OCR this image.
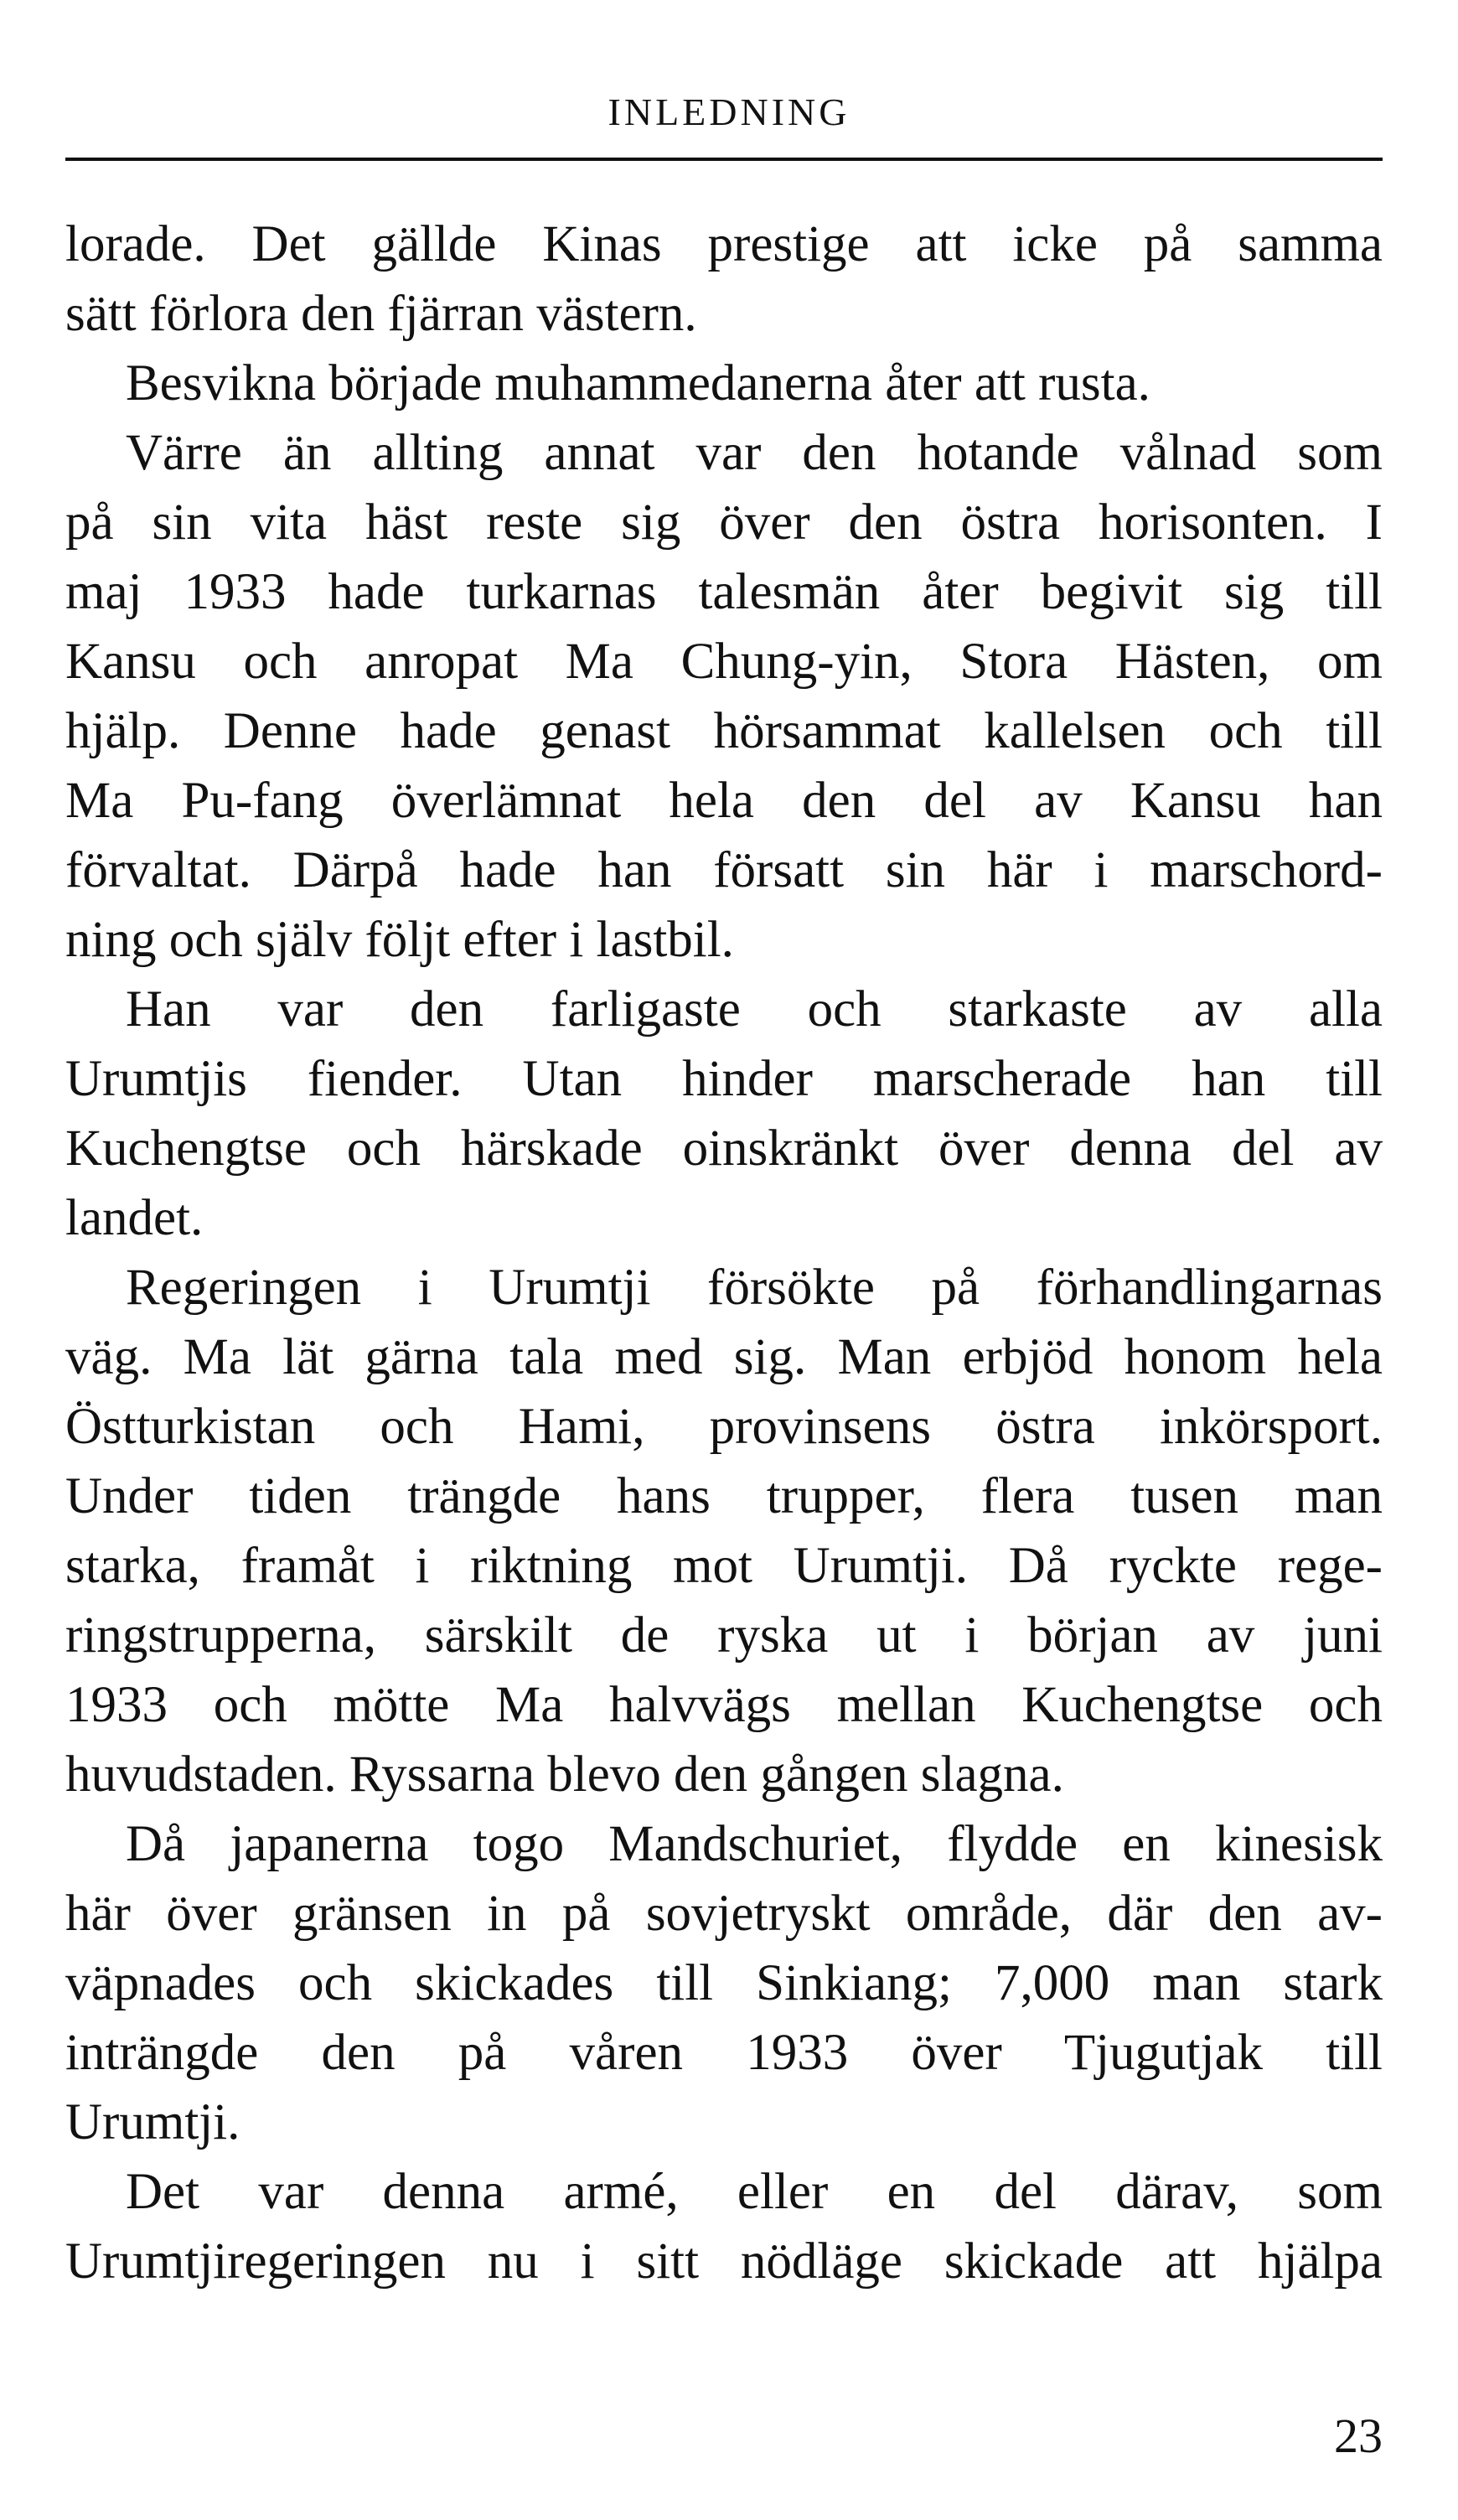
INLEDNING
lorade. Det gällde Kinas prestige att icke på samma
sätt förlora den fjärran västern.
Besvikna började muhammedanerna åter att rusta.
Värre än allting annat var den hotande vålnad som
på sin vita häst reste sig över den östra horisonten. I
maj 1933 hade turkarnas talesmän åter begivit sig till
Kansu och anropat Ma Chung-yin, Stora Hästen, om
hjälp. Denne hade genast hörsammat kallelsen och till
Ma Pu-fang överlämnat hela den del av Kansu han
förvaltat. Därpå hade han försatt sin här i marschord-
ning och själv följt efter i lastbil.
Han var den farligaste och starkaste av alla
Urumtjis fiender. Utan hinder marscherade han till
Kuchengtse och härskade oinskränkt över denna del av
landet.
Regeringen i Urumtji försökte på förhandlingarnas
väg. Ma lät gärna tala med sig. Man erbjöd honom hela
Östturkistan och Hami, provinsens östra inkörsport.
Under tiden trängde hans trupper, flera tusen man
starka, framåt i riktning mot Urumtji. Då ryckte rege-
ringstrupperna, särskilt de ryska ut i början av juni
1933 och mötte Ma halvvägs mellan Kuchengtse och
huvudstaden. Ryssarna blevo den gången slagna.
Då japanerna togo Mandschuriet, flydde en kinesisk
här över gränsen in på sovjetryskt område, där den av-
väpnades och skickades till Sinkiang; 7,000 man stark
inträngde den på våren 1933 över Tjugutjak till
Urumtji.
Det var denna armé, eller en del därav, som
Urumtjiregeringen nu i sitt nödläge skickade att hjälpa
23
